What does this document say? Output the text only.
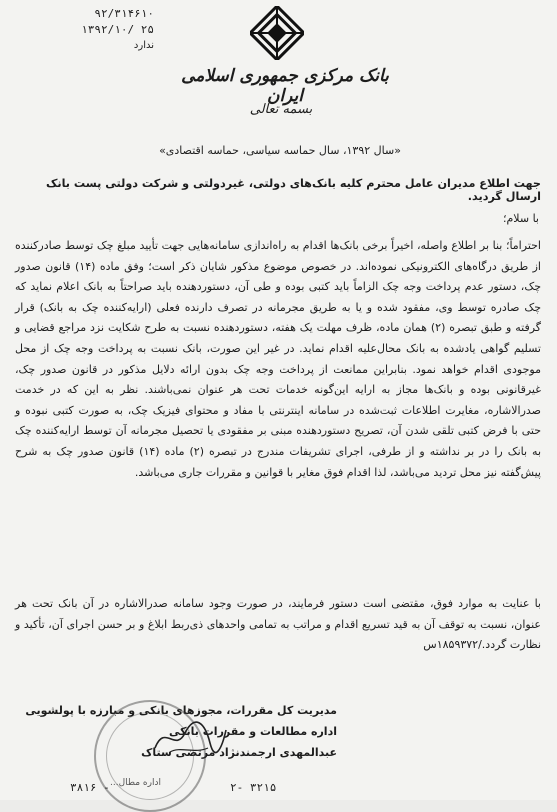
۹۲/۳۱۴۶۱۰
۱۳۹۲/۱۰/ ۲۵
ندارد
بانک مرکزی جمهوری اسلامی ایران
بسمه تعالی
«سال ۱۳۹۲، سال حماسه سیاسی، حماسه اقتصادی»
جهت اطلاع مدیران عامل محترم کلیه بانک‌های دولتی، غیردولتی و شرکت دولتی پست بانک ارسال گردید.
با سلام؛
احتراماً؛ بنا بر اطلاع واصله، اخیراً برخی بانک‌ها اقدام به راه‌اندازی سامانه‌هایی جهت تأیید مبلغ چک توسط صادرکننده از طریق درگاه‌های الکترونیکی نموده‌اند. در خصوص موضوع مذکور شایان ذکر است؛ وفق ماده (۱۴) قانون صدور چک، دستور عدم پرداخت وجه چک الزاماً باید کتبی بوده و طی آن، دستوردهنده باید صراحتاً به بانک اعلام نماید که چک صادره توسط وی، مفقود شده و یا به طریق مجرمانه در تصرف دارنده فعلی (ارایه‌کننده چک به بانک) قرار گرفته و طبق تبصره (۲) همان ماده، ظرف مهلت یک هفته، دستوردهنده نسبت به طرح شکایت نزد مراجع قضایی و تسلیم گواهی یادشده به بانک محال‌علیه اقدام نماید. در غیر این صورت، بانک نسبت به پرداخت وجه چک از محل موجودی اقدام خواهد نمود. بنابراین ممانعت از پرداخت وجه چک بدون ارائه دلایل مذکور در قانون صدور چک، غیرقانونی بوده و بانک‌ها مجاز به ارایه این‌گونه خدمات تحت هر عنوان نمی‌باشند. نظر به این که در خدمت صدرالاشاره، مغایرت اطلاعات ثبت‌شده در سامانه اینترنتی با مفاد و محتوای فیزیک چک، به صورت کتبی نبوده و حتی با فرض کتبی تلقی شدن آن، تصریح دستوردهنده مبنی بر مفقودی یا تحصیل مجرمانه آن توسط ارایه‌کننده چک به بانک را در بر نداشته و از طرفی، اجرای تشریفات مندرج در تبصره (۲) ماده (۱۴) قانون صدور چک به شرح پیش‌گفته نیز محل تردید می‌باشد، لذا اقدام فوق مغایر با قوانین و مقررات جاری می‌باشد.
با عنایت به موارد فوق، مقتضی است دستور فرمایند، در صورت وجود سامانه صدرالاشاره در آن بانک تحت هر عنوان، نسبت به توقف آن به قید تسریع اقدام و مراتب به تمامی واحدهای ذی‌ربط ابلاغ و بر حسن اجرای آن، تأکید و نظارت گردد./۱۸۵۹۳۷۲س
مدیریت کل مقررات، مجوزهای بانکی و مبارزه با پولشویی
اداره مطالعات و مقررات بانکی
عبدالمهدی ارجمندنژاد مرتضی ستاک
اداره مطال...	۲- ۳۲۱۵
۳۸۱۶ -
